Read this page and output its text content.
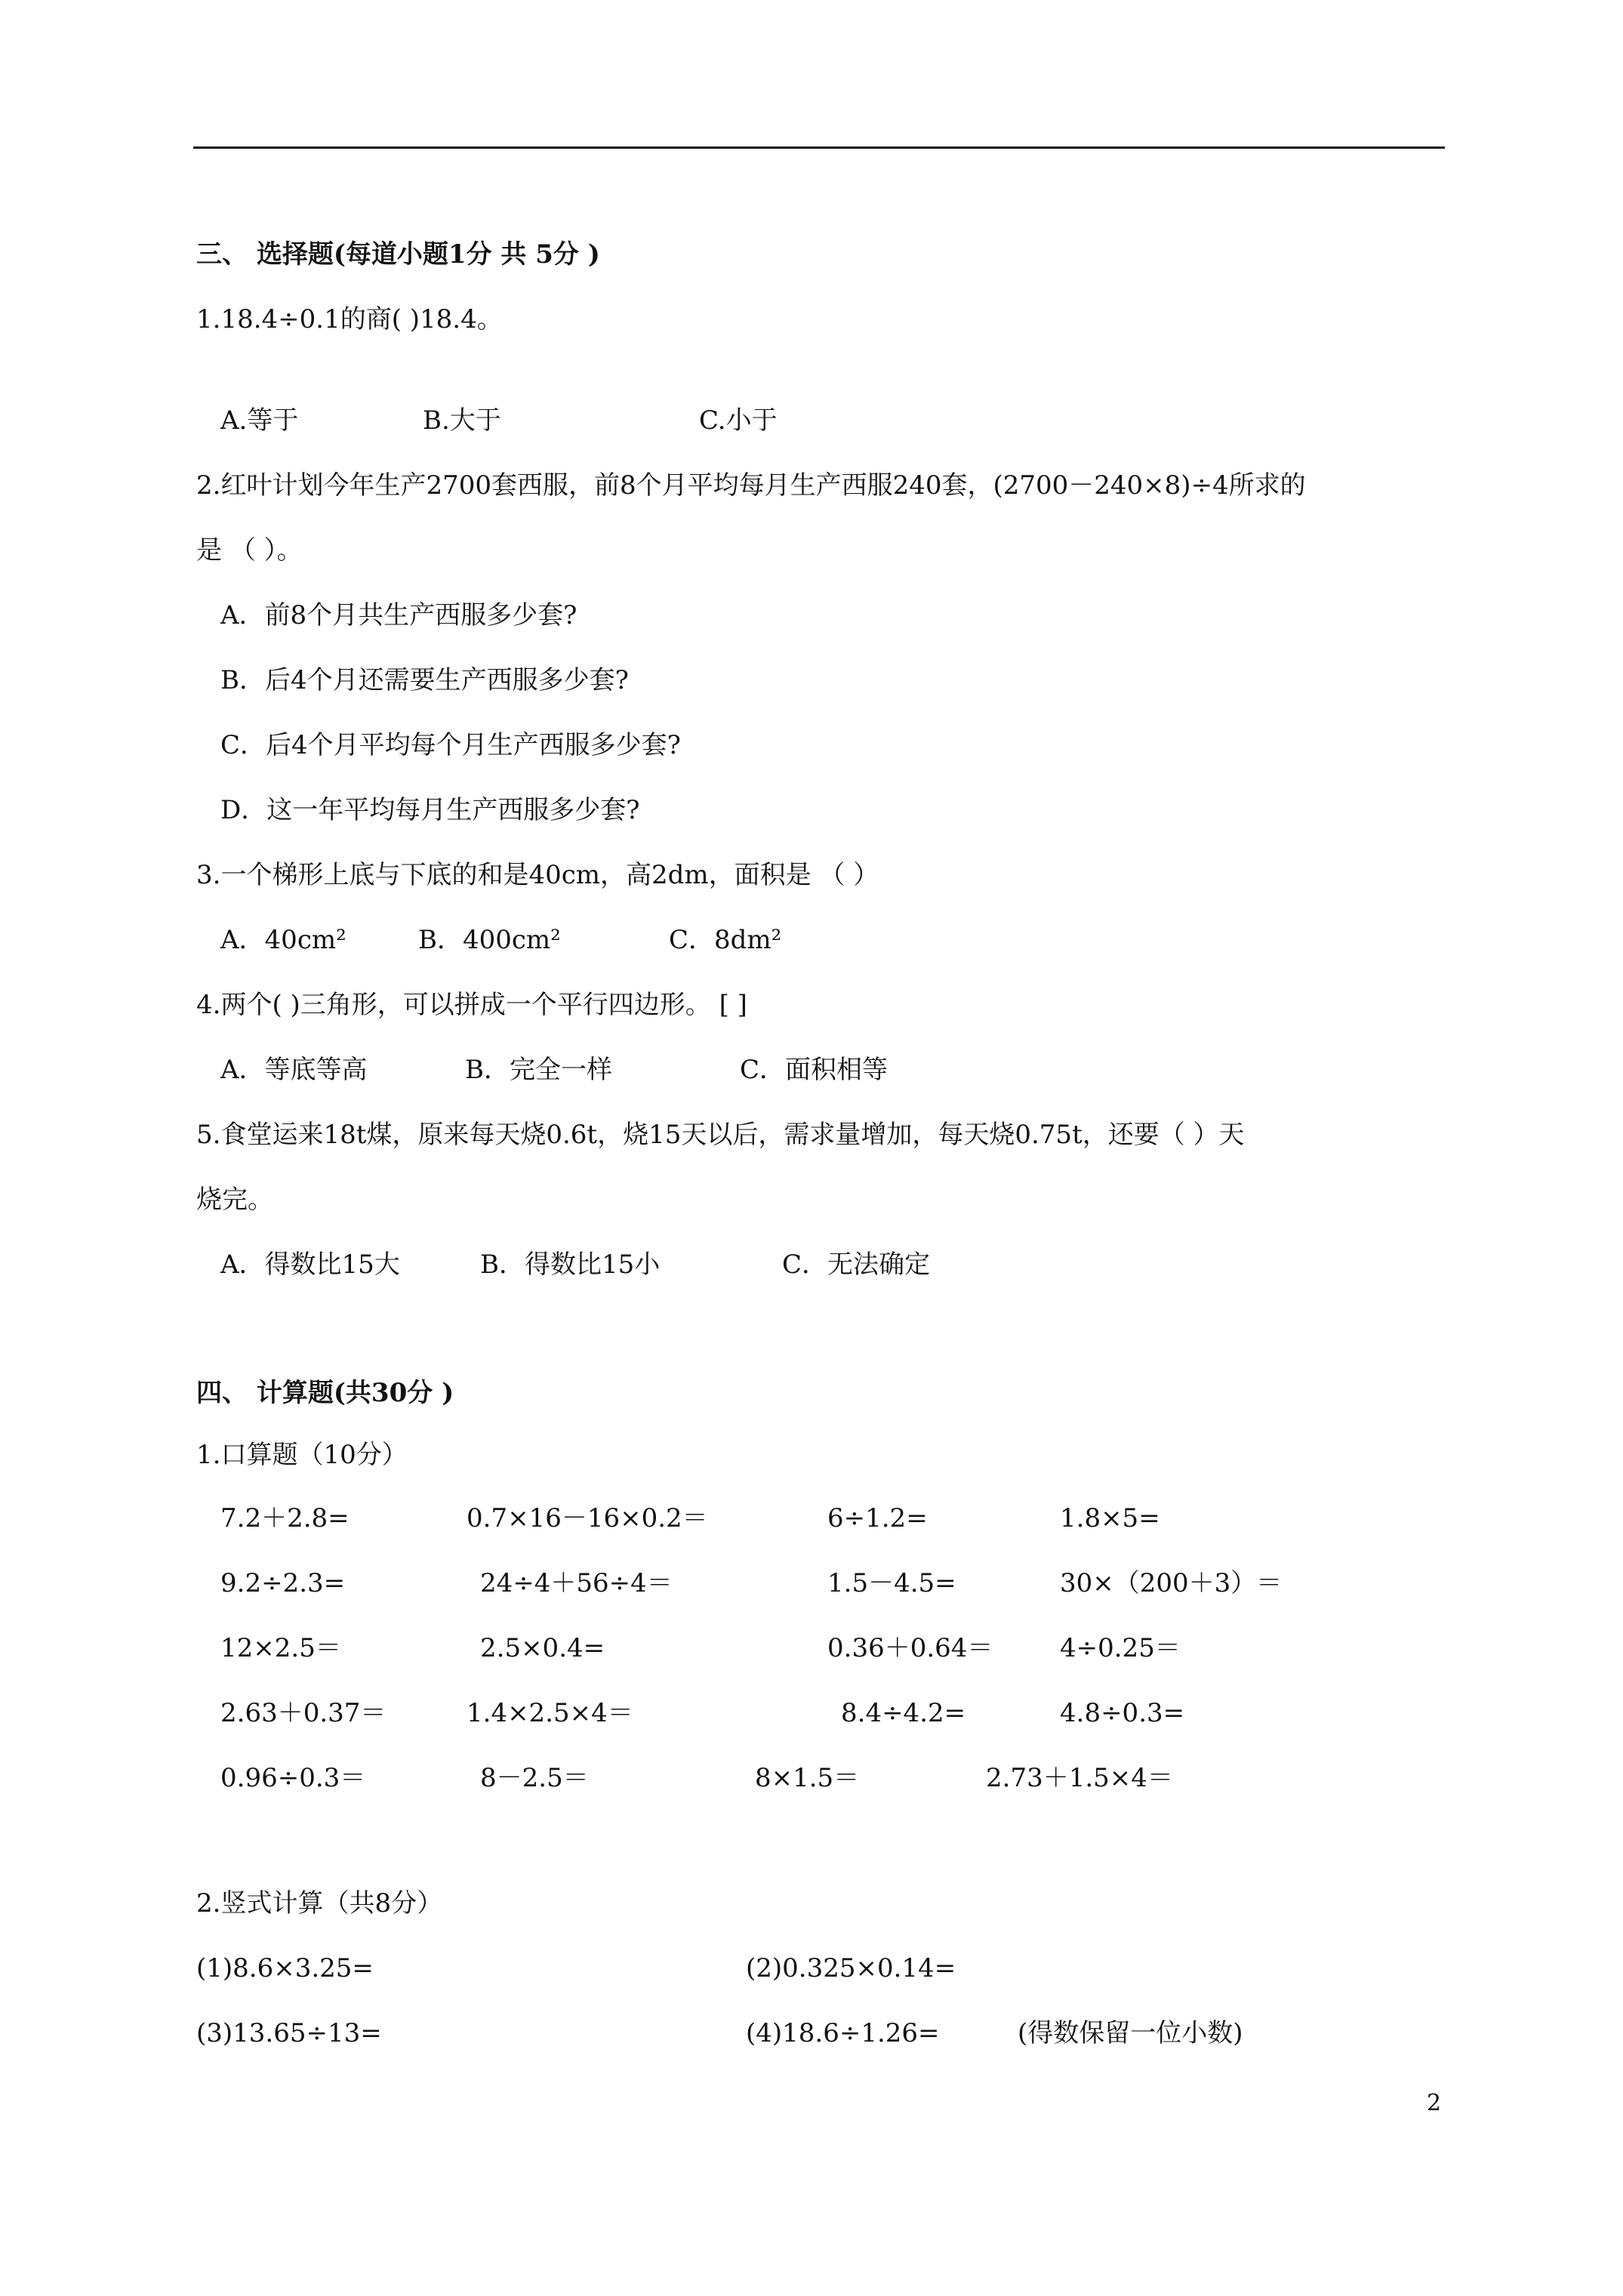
三、 选择题(每道小题1分 共 5分 )
1.18.4÷0.1的商( )18.4。
A.等于	B.大于	C.小于
2.红叶计划今年生产2700套西服，前8个月平均每月生产西服240套，(2700－240×8)÷4所求的
是 （ ）。
A．前8个月共生产西服多少套?
B．后4个月还需要生产西服多少套?
C．后4个月平均每个月生产西服多少套?
D．这一年平均每月生产西服多少套?
3.一个梯形上底与下底的和是40cm，高2dm，面积是 （ ）
A．40cm²	B．400cm²	C．8dm²
4.两个( )三角形，可以拼成一个平行四边形。 [ ]
A．等底等高	B．完全一样	C．面积相等
5.食堂运来18t煤，原来每天烧0.6t，烧15天以后，需求量增加，每天烧0.75t，还要（ ）天
烧完。
A．得数比15大	B．得数比15小	C．无法确定
四、 计算题(共30分 )
1.口算题（10分）
7.2＋2.8=	0.7×16－16×0.2＝	6÷1.2=	1.8×5=
9.2÷2.3=	24÷4＋56÷4＝	1.5－4.5=	30×（200＋3）＝
12×2.5＝	2.5×0.4=	0.36＋0.64＝	4÷0.25＝
2.63＋0.37＝	1.4×2.5×4＝	8.4÷4.2=	4.8÷0.3=
0.96÷0.3＝	8－2.5＝	8×1.5＝	2.73＋1.5×4＝
2.竖式计算（共8分）
(1)8.6×3.25=	(2)0.325×0.14=
(3)13.65÷13=	(4)18.6÷1.26=	(得数保留一位小数)
2
